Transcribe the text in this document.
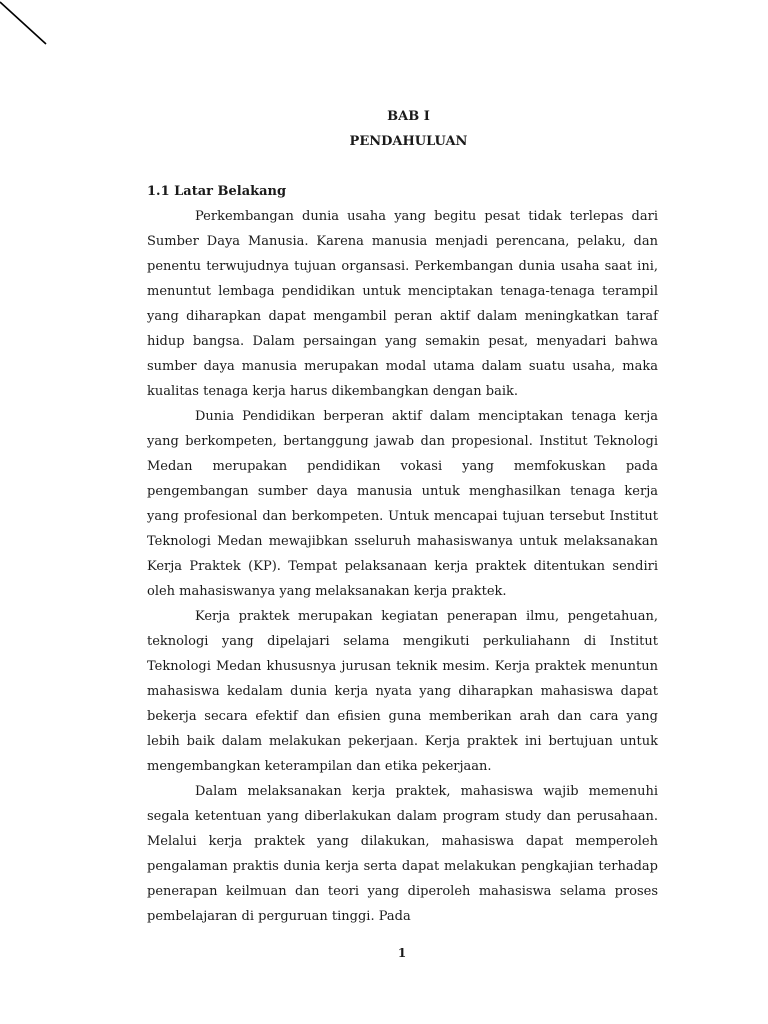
BAB I

PENDAHULUAN

1.1 Latar Belakang

Perkembangan dunia usaha yang begitu pesat tidak terlepas dari Sumber Daya Manusia. Karena manusia menjadi perencana, pelaku, dan penentu terwujudnya tujuan organsasi. Perkembangan dunia usaha saat ini, menuntut lembaga pendidikan untuk menciptakan tenaga-tenaga terampil yang diharapkan dapat mengambil peran aktif dalam meningkatkan taraf hidup bangsa. Dalam persaingan yang semakin pesat, menyadari bahwa sumber daya manusia merupakan modal utama dalam suatu usaha, maka kualitas tenaga kerja harus dikembangkan dengan baik.

Dunia Pendidikan berperan aktif dalam menciptakan tenaga kerja yang berkompeten, bertanggung jawab dan propesional. Institut Teknologi Medan merupakan pendidikan vokasi yang memfokuskan pada pengembangan sumber daya manusia untuk menghasilkan tenaga kerja yang profesional dan berkompeten. Untuk mencapai tujuan tersebut Institut Teknologi Medan mewajibkan sseluruh mahasiswanya untuk melaksanakan Kerja Praktek (KP). Tempat pelaksanaan kerja praktek ditentukan sendiri oleh mahasiswanya yang melaksanakan kerja praktek.

Kerja praktek merupakan kegiatan penerapan ilmu, pengetahuan, teknologi yang dipelajari selama mengikuti perkuliahann di Institut Teknologi Medan khususnya jurusan teknik mesim. Kerja praktek menuntun mahasiswa kedalam dunia kerja nyata yang diharapkan mahasiswa dapat bekerja secara efektif dan efisien guna memberikan arah dan cara yang lebih baik dalam melakukan pekerjaan. Kerja praktek ini bertujuan untuk mengembangkan keterampilan dan etika pekerjaan.

Dalam melaksanakan kerja praktek, mahasiswa wajib memenuhi segala ketentuan yang diberlakukan dalam program study dan perusahaan. Melalui kerja praktek yang dilakukan, mahasiswa dapat memperoleh pengalaman praktis dunia kerja serta dapat melakukan pengkajian terhadap penerapan keilmuan dan teori yang diperoleh mahasiswa selama proses pembelajaran di perguruan tinggi. Pada

1
